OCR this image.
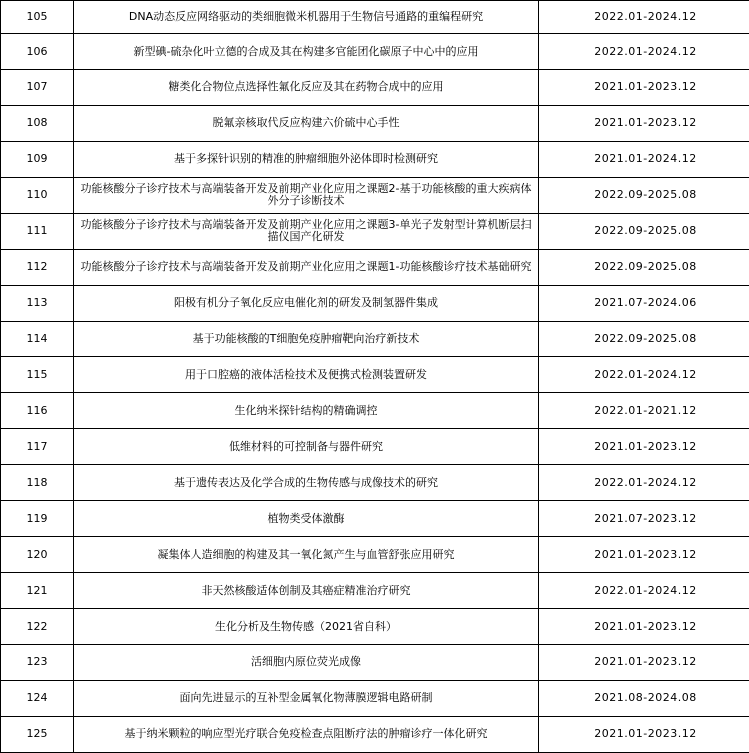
105	DNA动态反应网络驱动的类细胞微米机器用于生物信号通路的重编程研究	2022.01-2024.12
106	新型碘-硫杂化叶立德的合成及其在构建多官能团化碳原子中心中的应用	2022.01-2024.12
107	糖类化合物位点选择性氟化反应及其在药物合成中的应用	2021.01-2023.12
108	脱氟亲核取代反应构建六价硫中心手性	2021.01-2023.12
109	基于多探针识别的精准的肿瘤细胞外泌体即时检测研究	2021.01-2024.12
110	功能核酸分子诊疗技术与高端装备开发及前期产业化应用之课题2-基于功能核酸的重大疾病体外分子诊断技术	2022.09-2025.08
111	功能核酸分子诊疗技术与高端装备开发及前期产业化应用之课题3-单光子发射型计算机断层扫描仪国产化研发	2022.09-2025.08
112	功能核酸分子诊疗技术与高端装备开发及前期产业化应用之课题1-功能核酸诊疗技术基础研究	2022.09-2025.08
113	阳极有机分子氧化反应电催化剂的研发及制氢器件集成	2021.07-2024.06
114	基于功能核酸的T细胞免疫肿瘤靶向治疗新技术	2022.09-2025.08
115	用于口腔癌的液体活检技术及便携式检测装置研发	2022.01-2024.12
116	生化纳米探针结构的精确调控	2022.01-2021.12
117	低维材料的可控制备与器件研究	2021.01-2023.12
118	基于遗传表达及化学合成的生物传感与成像技术的研究	2022.01-2024.12
119	植物类受体激酶	2021.07-2023.12
120	凝集体人造细胞的构建及其一氧化氮产生与血管舒张应用研究	2021.01-2023.12
121	非天然核酸适体创制及其癌症精准治疗研究	2022.01-2024.12
122	生化分析及生物传感（2021省自科）	2021.01-2023.12
123	活细胞内原位荧光成像	2021.01-2023.12
124	面向先进显示的互补型金属氧化物薄膜逻辑电路研制	2021.08-2024.08
125	基于纳米颗粒的响应型光疗联合免疫检查点阻断疗法的肿瘤诊疗一体化研究	2021.01-2023.12
